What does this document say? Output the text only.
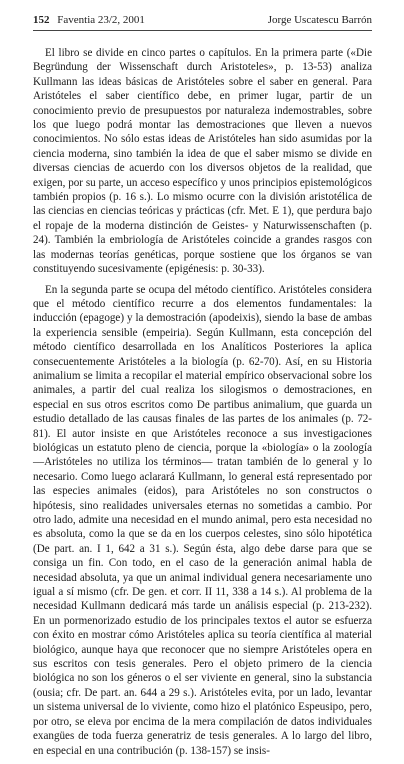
152 Faventia 23/2, 2001	Jorge Uscatescu Barrón

El libro se divide en cinco partes o capítulos. En la primera parte («Die Begründung der Wissenschaft durch Aristoteles», p. 13-53) analiza Kullmann las ideas básicas de Aristóteles sobre el saber en general. Para Aristóteles el saber científico debe, en primer lugar, partir de un conocimiento previo de presupuestos por naturaleza indemostrables, sobre los que luego podrá montar las demostraciones que lleven a nuevos conocimientos. No sólo estas ideas de Aristóteles han sido asumidas por la ciencia moderna, sino también la idea de que el saber mismo se divide en diversas ciencias de acuerdo con los diversos objetos de la realidad, que exigen, por su parte, un acceso específico y unos principios epistemológicos también propios (p. 16 s.). Lo mismo ocurre con la división aristotélica de las ciencias en ciencias teóricas y prácticas (cfr. Met. E 1), que perdura bajo el ropaje de la moderna distinción de Geistes- y Naturwissenschaften (p. 24). También la embriología de Aristóteles coincide a grandes rasgos con las modernas teorías genéticas, porque sostiene que los órganos se van constituyendo sucesivamente (epigénesis: p. 30-33).

En la segunda parte se ocupa del método científico. Aristóteles considera que el método científico recurre a dos elementos fundamentales: la inducción (epagoge) y la demostración (apodeixis), siendo la base de ambas la experiencia sensible (empeiria). Según Kullmann, esta concepción del método científico desarrollada en los Analíticos Posteriores la aplica consecuentemente Aristóteles a la biología (p. 62-70). Así, en su Historia animalium se limita a recopilar el material empírico observacional sobre los animales, a partir del cual realiza los silogismos o demostraciones, en especial en sus otros escritos como De partibus animalium, que guarda un estudio detallado de las causas finales de las partes de los animales (p. 72-81). El autor insiste en que Aristóteles reconoce a sus investigaciones biológicas un estatuto pleno de ciencia, porque la «biología» o la zoología —Aristóteles no utiliza los términos— tratan también de lo general y lo necesario. Como luego aclarará Kullmann, lo general está representado por las especies animales (eidos), para Aristóteles no son constructos o hipótesis, sino realidades universales eternas no sometidas a cambio. Por otro lado, admite una necesidad en el mundo animal, pero esta necesidad no es absoluta, como la que se da en los cuerpos celestes, sino sólo hipotética (De part. an. I 1, 642 a 31 s.). Según ésta, algo debe darse para que se consiga un fin. Con todo, en el caso de la generación animal habla de necesidad absoluta, ya que un animal individual genera necesariamente uno igual a sí mismo (cfr. De gen. et corr. II 11, 338 a 14 s.). Al problema de la necesidad Kullmann dedicará más tarde un análisis especial (p. 213-232). En un pormenorizado estudio de los principales textos el autor se esfuerza con éxito en mostrar cómo Aristóteles aplica su teoría científica al material biológico, aunque haya que reconocer que no siempre Aristóteles opera en sus escritos con tesis generales. Pero el objeto primero de la ciencia biológica no son los géneros o el ser viviente en general, sino la substancia (ousia; cfr. De part. an. 644 a 29 s.). Aristóteles evita, por un lado, levantar un sistema universal de lo viviente, como hizo el platónico Espeusipo, pero, por otro, se eleva por encima de la mera compilación de datos individuales exangües de toda fuerza generatriz de tesis generales. A lo largo del libro, en especial en una contribución (p. 138-157) se insis-
